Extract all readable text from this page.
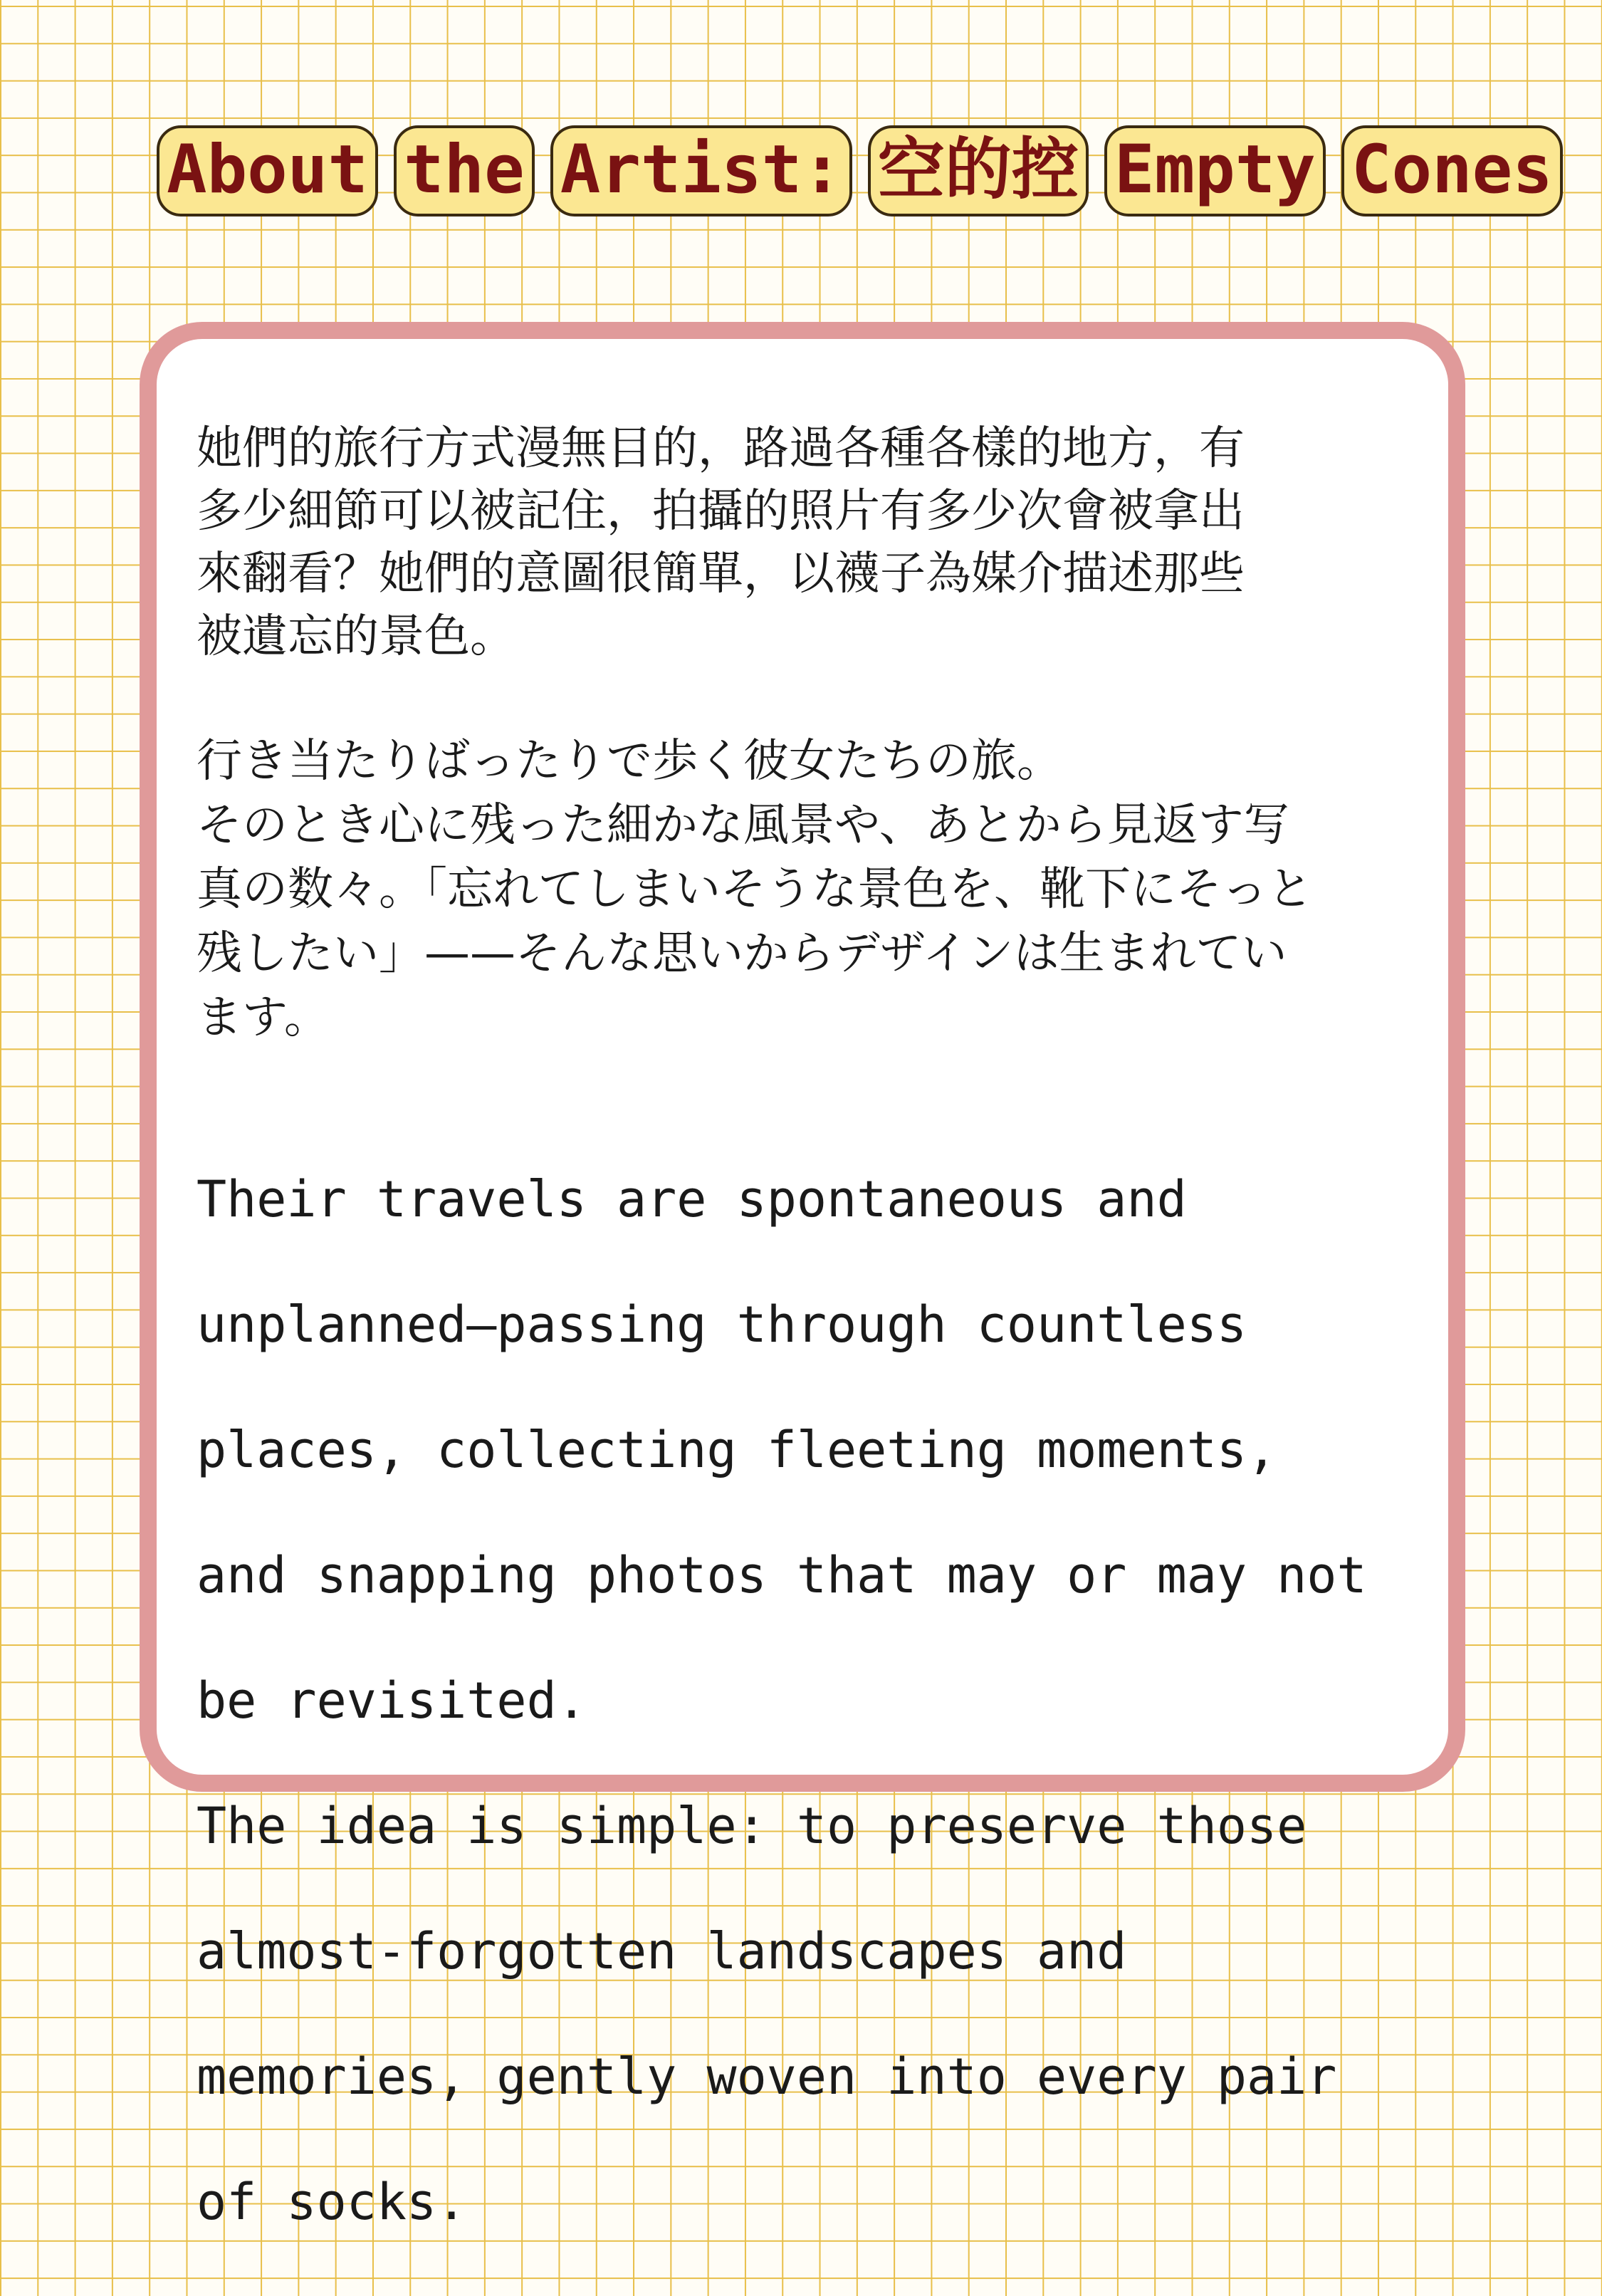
About the Artist: 空的控 Empty Cones

她們的旅行方式漫無目的，路過各種各樣的地方，有
多少細節可以被記住，拍攝的照片有多少次會被拿出
來翻看？她們的意圖很簡單，以襪子為媒介描述那些
被遺忘的景色。

行き当たりばったりで歩く彼女たちの旅。
そのとき心に残った細かな風景や、あとから見返す写
真の数々。「忘れてしまいそうな景色を、靴下にそっと
残したい」——そんな思いからデザインは生まれてい
ます。

Their travels are spontaneous and

unplanned—passing through countless

places, collecting fleeting moments,

and snapping photos that may or may not

be revisited.

The idea is simple: to preserve those

almost-forgotten landscapes and

memories, gently woven into every pair

of socks.
